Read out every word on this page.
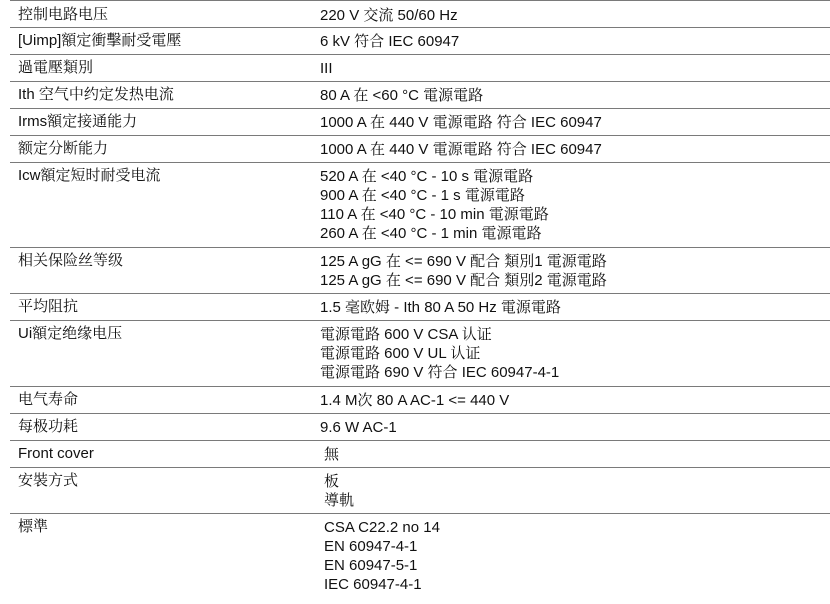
控制电路电压	220 V 交流 50/60 Hz
[Uimp]額定衝擊耐受電壓	6 kV 符合 IEC 60947
過電壓類別	III
Ith 空气中约定发热电流	80 A 在 <60 °C 電源電路
Irms額定接通能力	1000 A 在 440 V 電源電路 符合 IEC 60947
额定分断能力	1000 A 在 440 V 電源電路 符合 IEC 60947
Icw額定短时耐受电流	520 A 在 <40 °C - 10 s 電源電路
900 A 在 <40 °C - 1 s 電源電路
110 A 在 <40 °C - 10 min 電源電路
260 A 在 <40 °C - 1 min 電源電路
相关保险丝等级	125 A gG 在 <= 690 V 配合 類別1 電源電路
125 A gG 在 <= 690 V 配合 類別2 電源電路
平均阻抗	1.5 毫欧姆 - Ith 80 A 50 Hz 電源電路
Ui額定绝缘电压	電源電路 600 V CSA 认证
電源電路 600 V UL 认证
電源電路 690 V 符合 IEC 60947-4-1
电气寿命	1.4 M次 80 A AC-1 <= 440 V
每极功耗	9.6 W AC-1
Front cover	無
安裝方式	板
導軌
標準	CSA C22.2 no 14
EN 60947-4-1
EN 60947-5-1
IEC 60947-4-1
